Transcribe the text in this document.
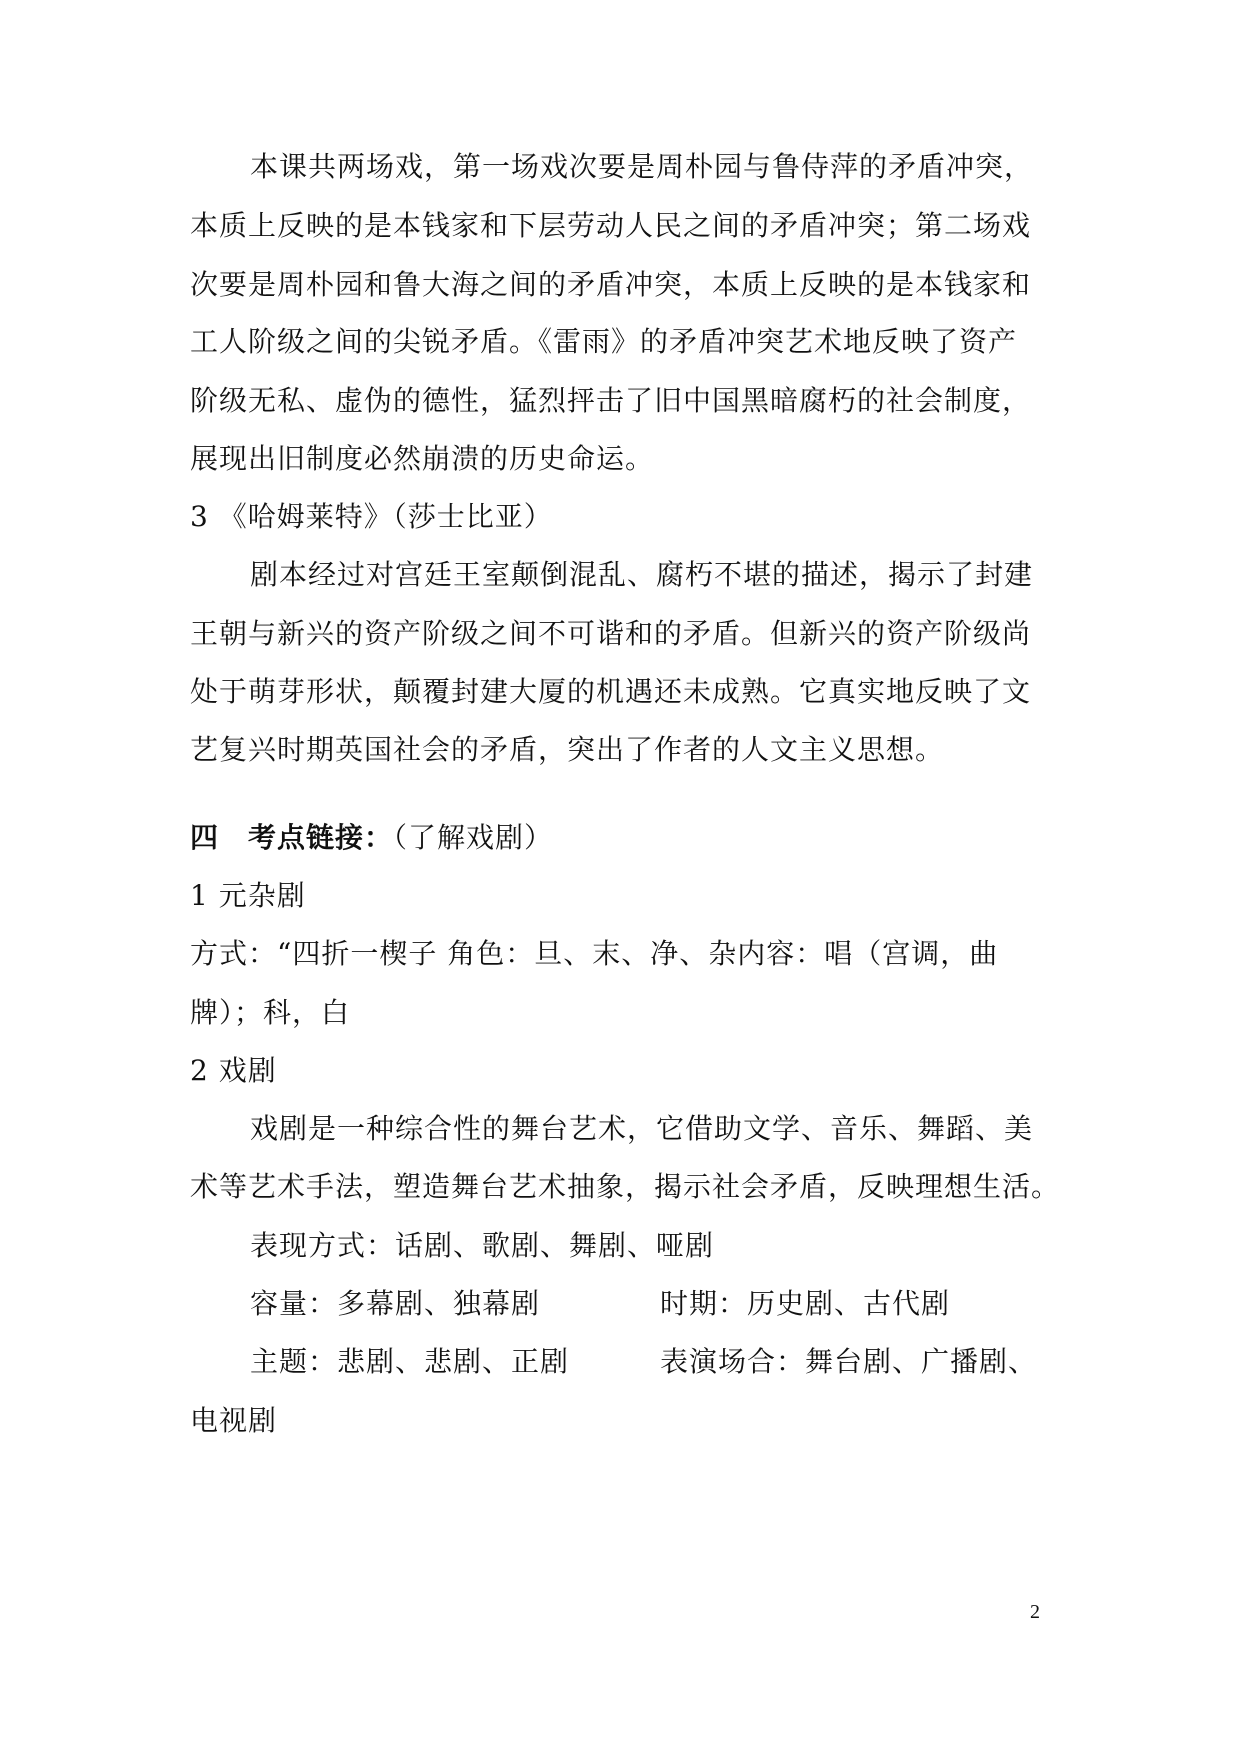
本课共两场戏，第一场戏次要是周朴园与鲁侍萍的矛盾冲突，
本质上反映的是本钱家和下层劳动人民之间的矛盾冲突；第二场戏
次要是周朴园和鲁大海之间的矛盾冲突，本质上反映的是本钱家和
工人阶级之间的尖锐矛盾。《雷雨》的矛盾冲突艺术地反映了资产
阶级无私、虚伪的德性，猛烈抨击了旧中国黑暗腐朽的社会制度，
展现出旧制度必然崩溃的历史命运。
3 《哈姆莱特》（莎士比亚）
剧本经过对宫廷王室颠倒混乱、腐朽不堪的描述，揭示了封建
王朝与新兴的资产阶级之间不可谐和的矛盾。但新兴的资产阶级尚
处于萌芽形状，颠覆封建大厦的机遇还未成熟。它真实地反映了文
艺复兴时期英国社会的矛盾，突出了作者的人文主义思想。
四　考点链接：（了解戏剧）
1 元杂剧
方式：“四折一楔子 角色：旦、末、净、杂内容：唱（宫调，曲
牌）；科，白
2 戏剧
戏剧是一种综合性的舞台艺术，它借助文学、音乐、舞蹈、美
术等艺术手法，塑造舞台艺术抽象，揭示社会矛盾，反映理想生活。
表现方式：话剧、歌剧、舞剧、哑剧
容量：多幕剧、独幕剧	时期：历史剧、古代剧
主题：悲剧、悲剧、正剧	表演场合：舞台剧、广播剧、
电视剧
2
